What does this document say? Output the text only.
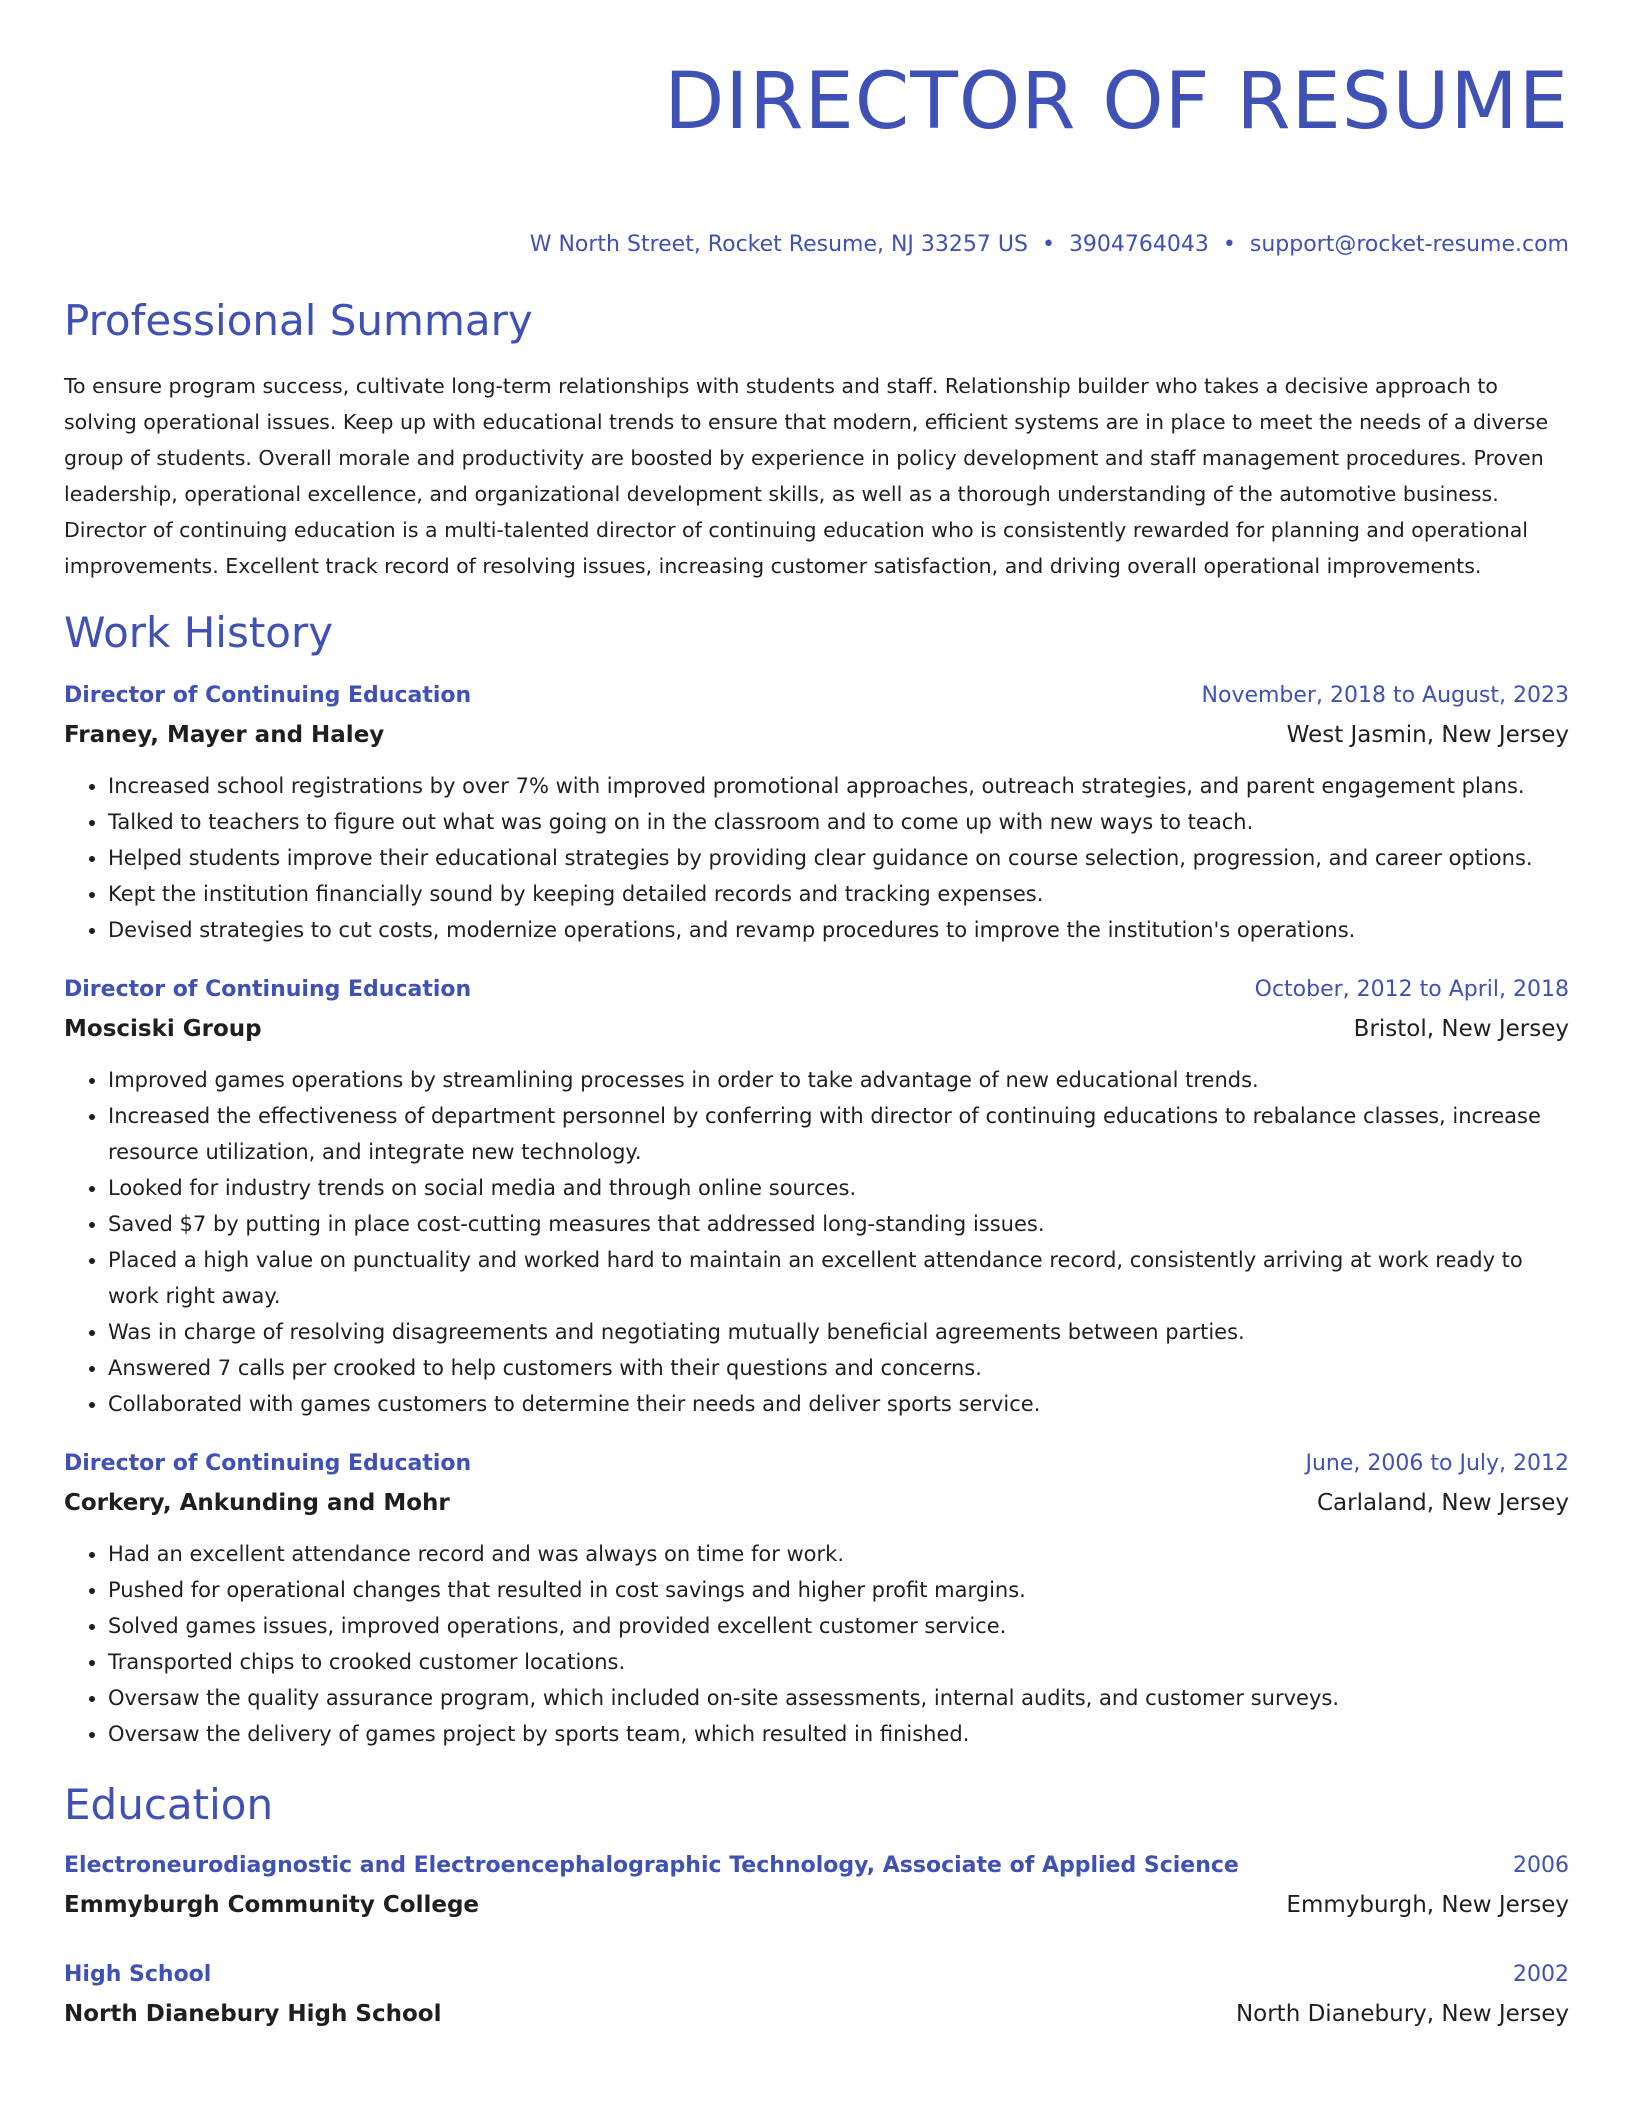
DIRECTOR OF RESUME
W North Street, Rocket Resume, NJ 33257 US • 3904764043 • support@rocket-resume.com
Professional Summary

To ensure program success, cultivate long-term relationships with students and staff. Relationship builder who takes a decisive approach to solving operational issues. Keep up with educational trends to ensure that modern, efficient systems are in place to meet the needs of a diverse group of students. Overall morale and productivity are boosted by experience in policy development and staff management procedures. Proven leadership, operational excellence, and organizational development skills, as well as a thorough understanding of the automotive business. Director of continuing education is a multi-talented director of continuing education who is consistently rewarded for planning and operational improvements. Excellent track record of resolving issues, increasing customer satisfaction, and driving overall operational improvements.

Work History
Director of Continuing Education	November, 2018 to August, 2023
Franey, Mayer and Haley	West Jasmin, New Jersey
• Increased school registrations by over 7% with improved promotional approaches, outreach strategies, and parent engagement plans.
• Talked to teachers to figure out what was going on in the classroom and to come up with new ways to teach.
• Helped students improve their educational strategies by providing clear guidance on course selection, progression, and career options.
• Kept the institution financially sound by keeping detailed records and tracking expenses.
• Devised strategies to cut costs, modernize operations, and revamp procedures to improve the institution's operations.
Director of Continuing Education	October, 2012 to April, 2018
Mosciski Group	Bristol, New Jersey
• Improved games operations by streamlining processes in order to take advantage of new educational trends.
• Increased the effectiveness of department personnel by conferring with director of continuing educations to rebalance classes, increase resource utilization, and integrate new technology.
• Looked for industry trends on social media and through online sources.
• Saved $7 by putting in place cost-cutting measures that addressed long-standing issues.
• Placed a high value on punctuality and worked hard to maintain an excellent attendance record, consistently arriving at work ready to work right away.
• Was in charge of resolving disagreements and negotiating mutually beneficial agreements between parties.
• Answered 7 calls per crooked to help customers with their questions and concerns.
• Collaborated with games customers to determine their needs and deliver sports service.
Director of Continuing Education	June, 2006 to July, 2012
Corkery, Ankunding and Mohr	Carlaland, New Jersey
• Had an excellent attendance record and was always on time for work.
• Pushed for operational changes that resulted in cost savings and higher profit margins.
• Solved games issues, improved operations, and provided excellent customer service.
• Transported chips to crooked customer locations.
• Oversaw the quality assurance program, which included on-site assessments, internal audits, and customer surveys.
• Oversaw the delivery of games project by sports team, which resulted in finished.
Education
Electroneurodiagnostic and Electroencephalographic Technology, Associate of Applied Science	2006
Emmyburgh Community College	Emmyburgh, New Jersey
High School	2002
North Dianebury High School	North Dianebury, New Jersey
